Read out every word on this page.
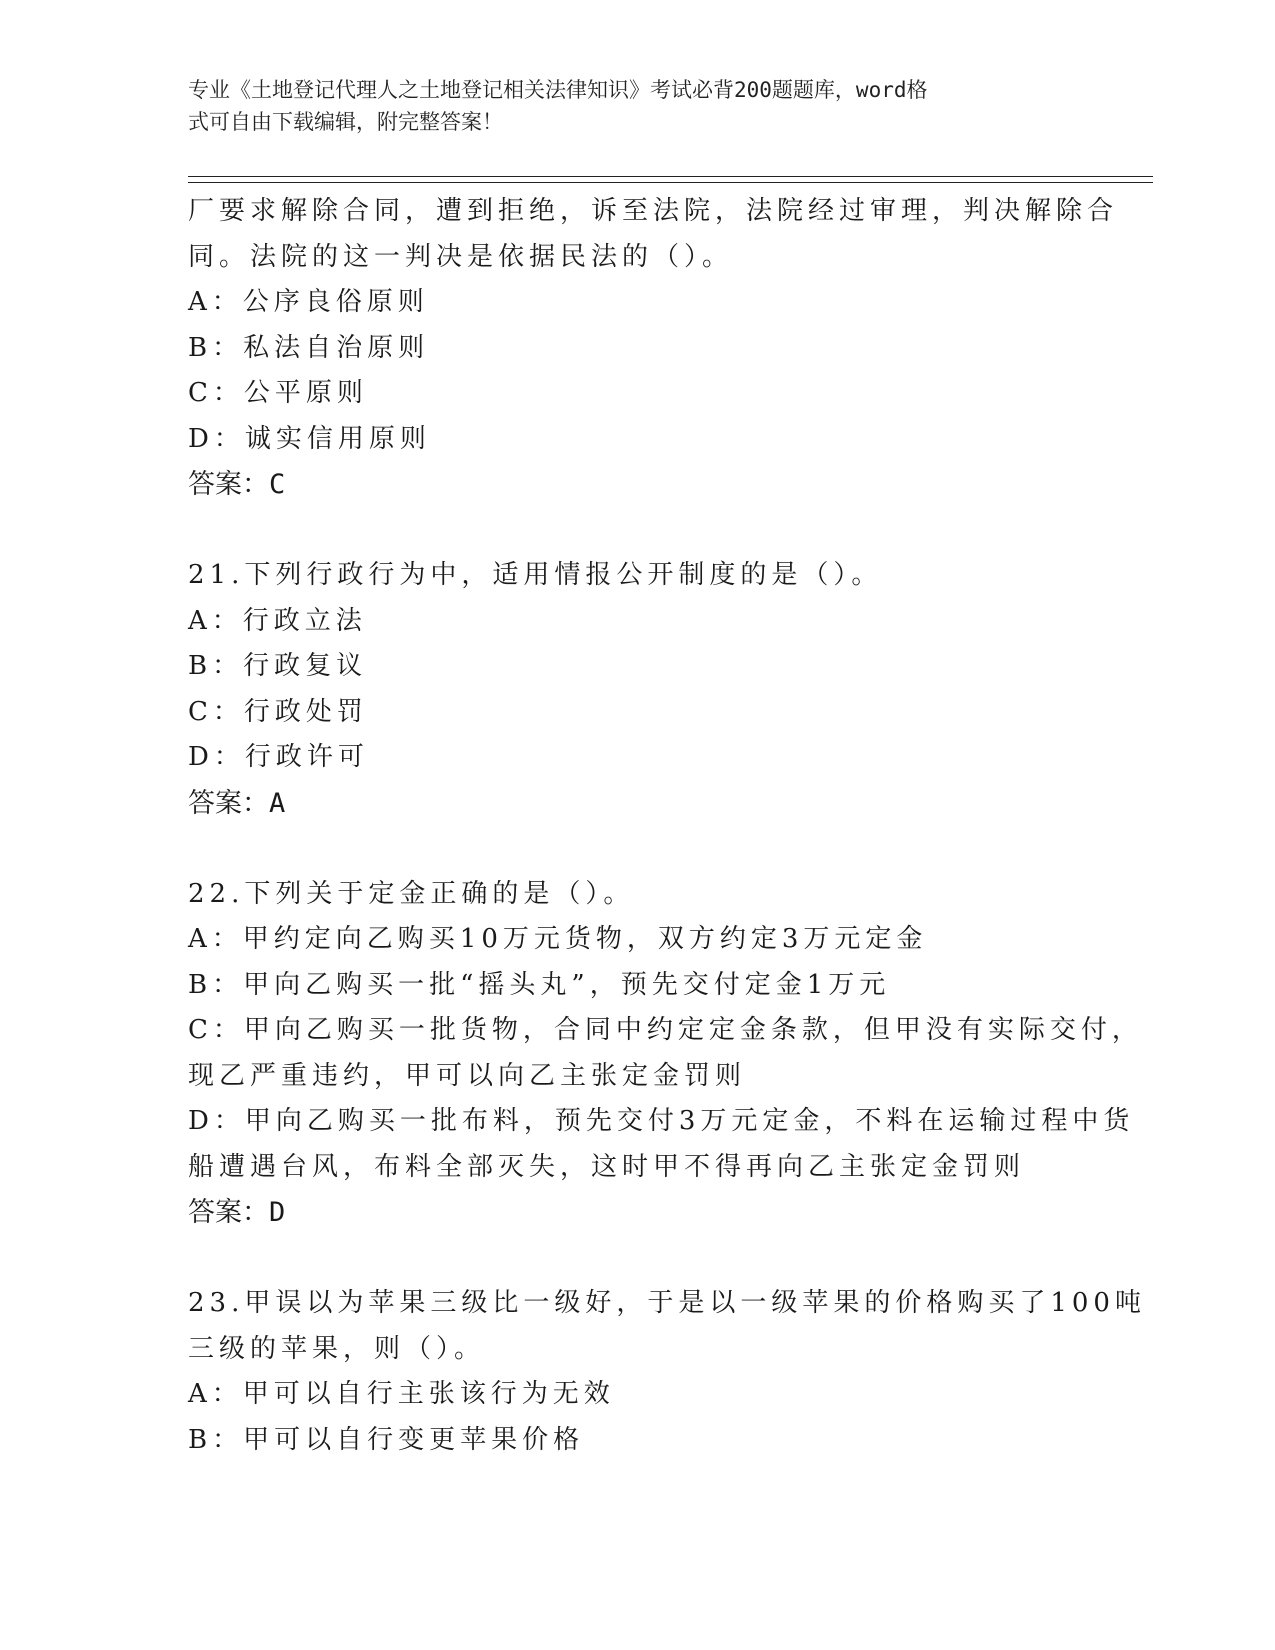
专业《土地登记代理人之土地登记相关法律知识》考试必背200题题库，word格
式可自由下载编辑，附完整答案！
厂要求解除合同，遭到拒绝，诉至法院，法院经过审理，判决解除合
同。法院的这一判决是依据民法的（）。
A：公序良俗原则
B：私法自治原则
C：公平原则
D：诚实信用原则
答案：C
21.下列行政行为中，适用情报公开制度的是（）。
A：行政立法
B：行政复议
C：行政处罚
D：行政许可
答案：A
22.下列关于定金正确的是（）。
A：甲约定向乙购买10万元货物，双方约定3万元定金
B：甲向乙购买一批“摇头丸”，预先交付定金1万元
C：甲向乙购买一批货物，合同中约定定金条款，但甲没有实际交付，
现乙严重违约，甲可以向乙主张定金罚则
D：甲向乙购买一批布料，预先交付3万元定金，不料在运输过程中货
船遭遇台风，布料全部灭失，这时甲不得再向乙主张定金罚则
答案：D
23.甲误以为苹果三级比一级好，于是以一级苹果的价格购买了100吨
三级的苹果，则（）。
A：甲可以自行主张该行为无效
B：甲可以自行变更苹果价格
